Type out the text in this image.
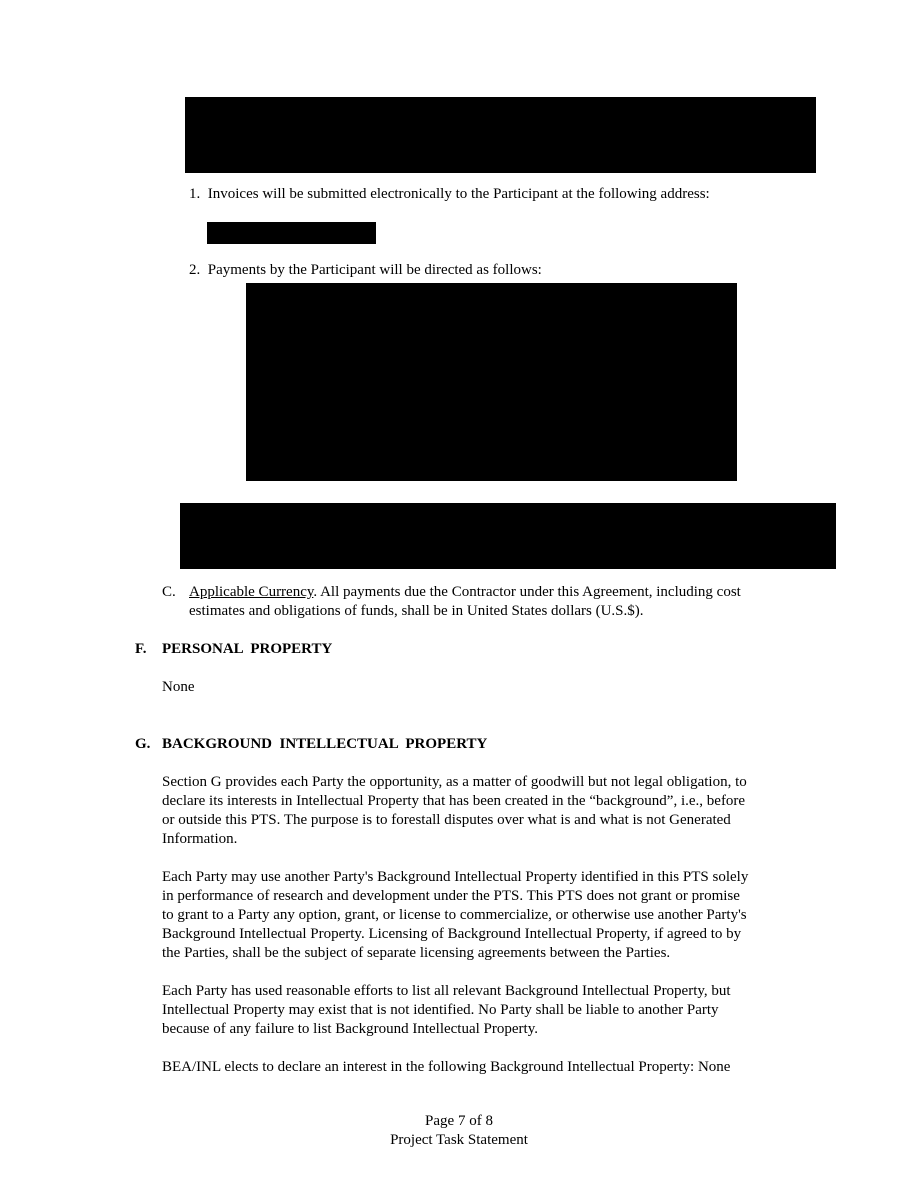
1. Invoices will be submitted electronically to the Participant at the following address:
2. Payments by the Participant will be directed as follows:
C. Applicable Currency. All payments due the Contractor under this Agreement, including cost
estimates and obligations of funds, shall be in United States dollars (U.S.$).
F. PERSONAL  PROPERTY
None
G. BACKGROUND  INTELLECTUAL  PROPERTY
Section G provides each Party the opportunity, as a matter of goodwill but not legal obligation, to
declare its interests in Intellectual Property that has been created in the “background”, i.e., before
or outside this PTS. The purpose is to forestall disputes over what is and what is not Generated
Information.
Each Party may use another Party's Background Intellectual Property identified in this PTS solely
in performance of research and development under the PTS. This PTS does not grant or promise
to grant to a Party any option, grant, or license to commercialize, or otherwise use another Party's
Background Intellectual Property. Licensing of Background Intellectual Property, if agreed to by
the Parties, shall be the subject of separate licensing agreements between the Parties.
Each Party has used reasonable efforts to list all relevant Background Intellectual Property, but
Intellectual Property may exist that is not identified. No Party shall be liable to another Party
because of any failure to list Background Intellectual Property.
BEA/INL elects to declare an interest in the following Background Intellectual Property: None
Page 7 of 8
Project Task Statement
